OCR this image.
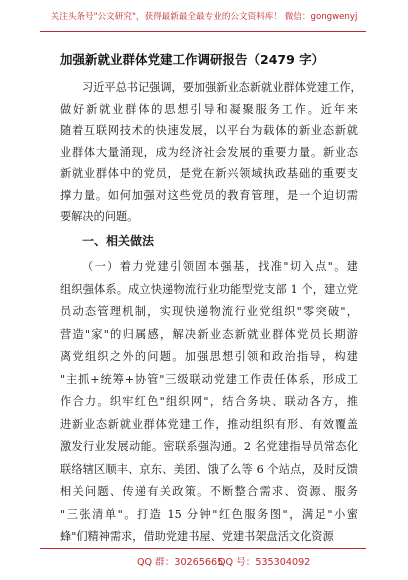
关注头条号"公文研究"，获得最新最全最专业的公文资料库！ 微信：gongwenyj
加强新就业群体党建工作调研报告（2479 字）
习近平总书记强调，要加强新业态新就业群体党建工作，
做好新就业群体的思想引导和凝聚服务工作。近年来
随着互联网技术的快速发展，以平台为载体的新业态新就
业群体大量涌现，成为经济社会发展的重要力量。新业态
新就业群体中的党员，是党在新兴领域执政基础的重要支
撑力量。如何加强对这些党员的教育管理，是一个迫切需
要解决的问题。
一、相关做法
（一）着力党建引领固本强基，找准"切入点"。建
组织强体系。成立快递物流行业功能型党支部 1 个，建立党
员动态管理机制，实现快递物流行业党组织"零突破"，
营造"家"的归属感，解决新业态新就业群体党员长期游
离党组织之外的问题。加强思想引领和政治指导，构建
"主抓+统筹+协管"三级联动党建工作责任体系，形成工
作合力。织牢红色"组织网"，结合务块、联动各方，推
进新业态新就业群体党建工作，推动组织有形、有效覆盖
激发行业发展动能。密联系强沟通。2 名党建指导员常态化
联络辖区顺丰、京东、美团、饿了么等 6 个站点，及时反馈
相关问题、传递有关政策。不断整合需求、资源、服务
"三张清单"。打造 15 分钟"红色服务图"，满足"小蜜
蜂"们精神需求，借助党建书屋、党建书架盘活文化资源
QQ 群：30265665
QQ 号：535304092
